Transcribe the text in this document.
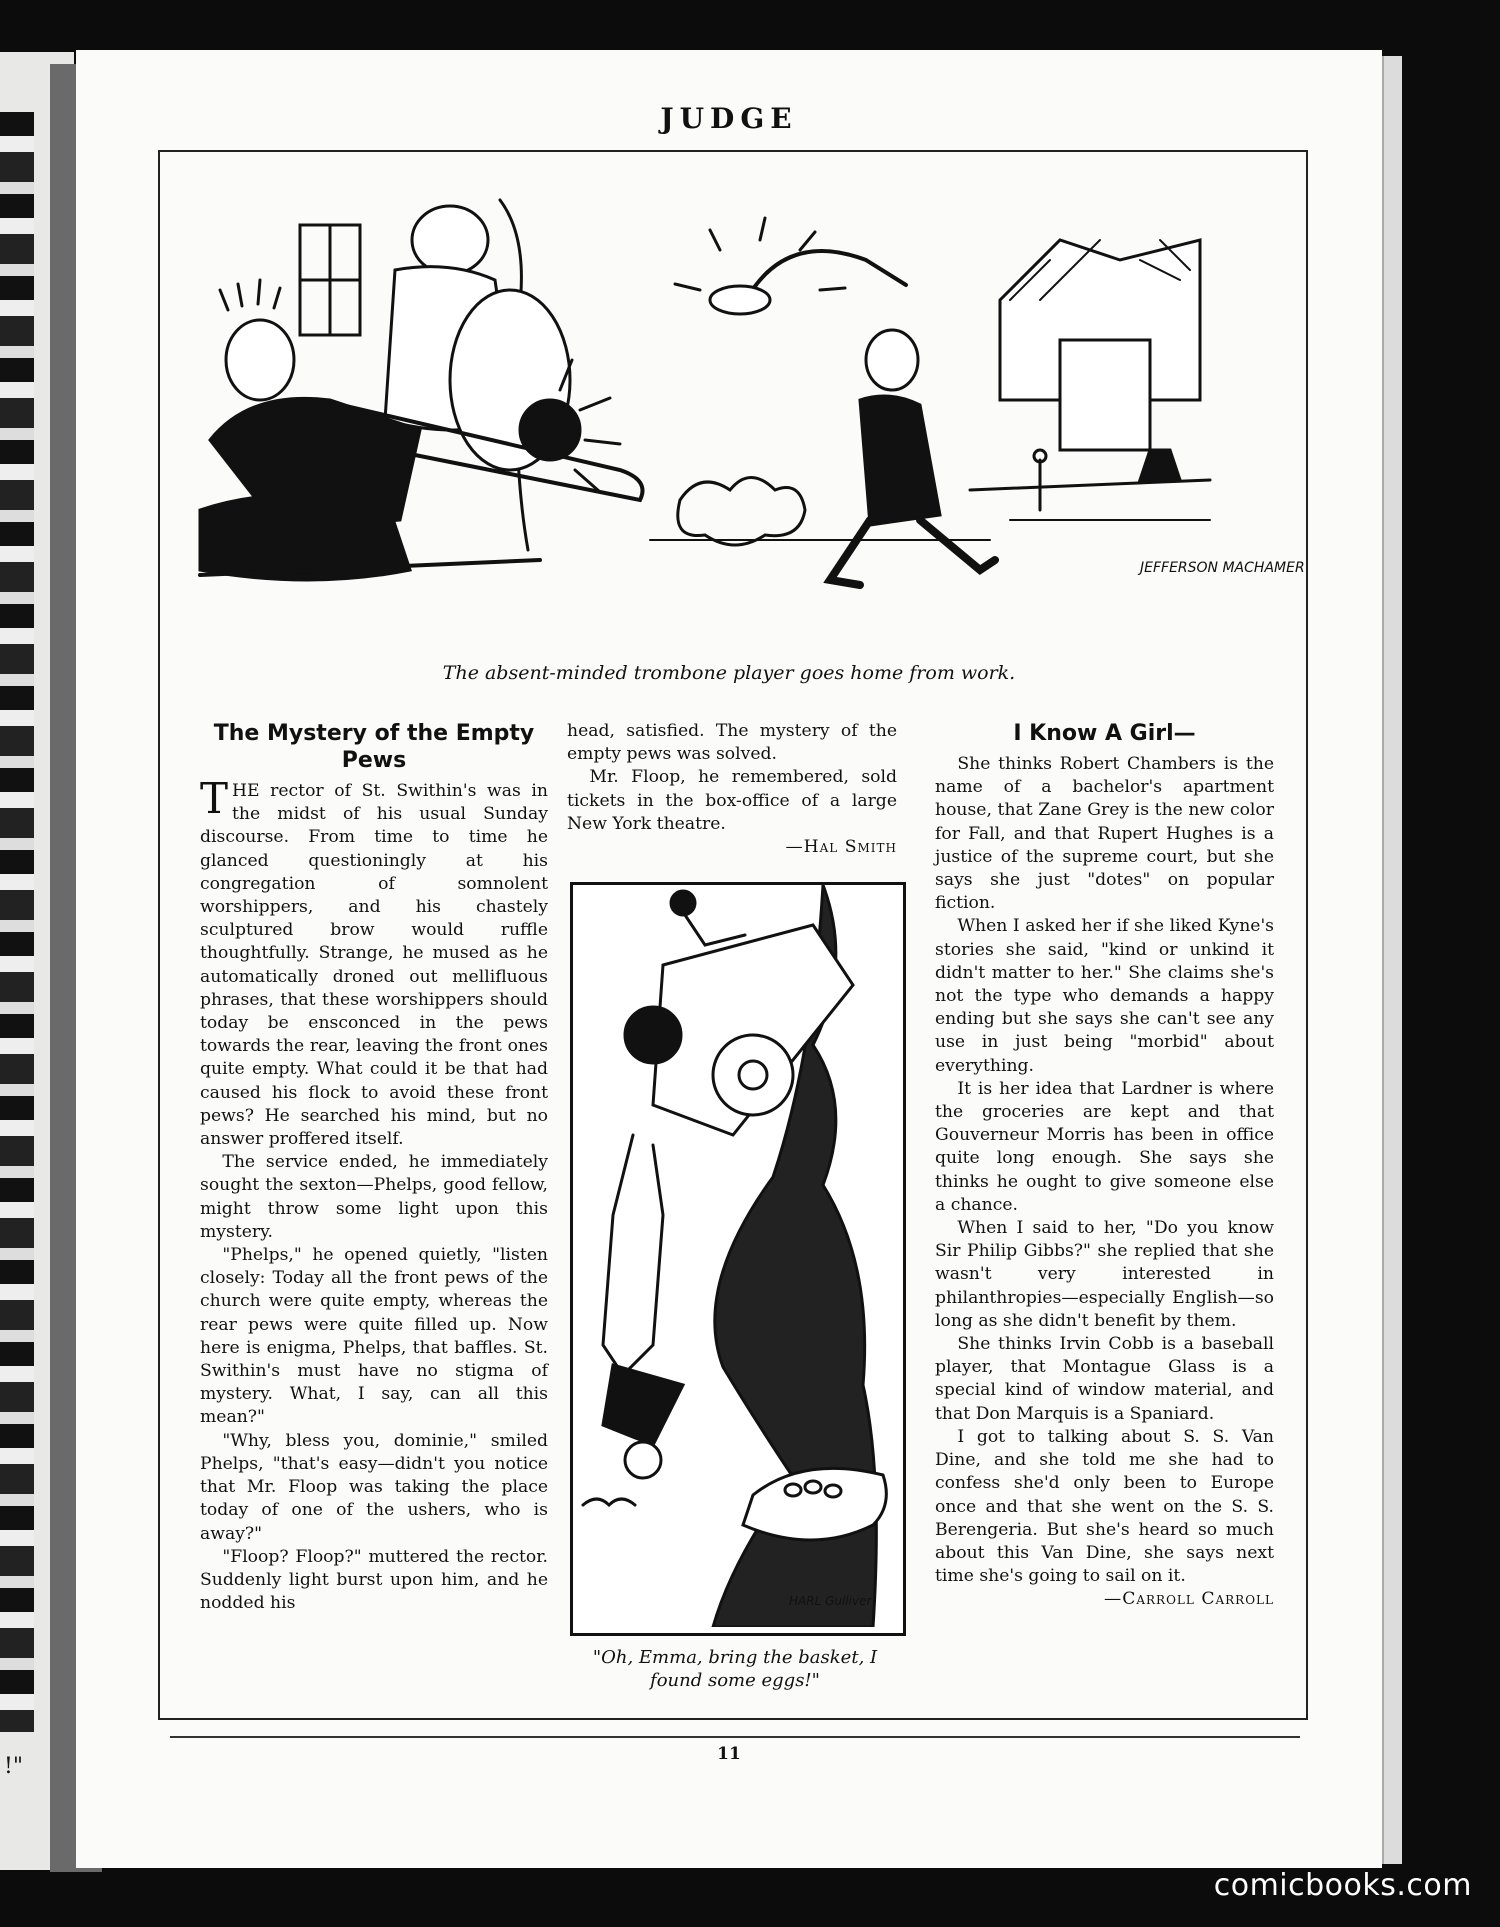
!"
JUDGE
JEFFERSON MACHAMER
The absent-minded trombone player goes home from work.
The Mystery of the Empty Pews

THE rector of St. Swithin's was in the midst of his usual Sunday discourse. From time to time he glanced questioningly at his congregation of somnolent worshippers, and his chastely sculptured brow would ruffle thoughtfully. Strange, he mused as he automatically droned out mellifluous phrases, that these worshippers should today be ensconced in the pews towards the rear, leaving the front ones quite empty. What could it be that had caused his flock to avoid these front pews? He searched his mind, but no answer proffered itself.

The service ended, he immediately sought the sexton—Phelps, good fellow, might throw some light upon this mystery.

"Phelps," he opened quietly, "listen closely: Today all the front pews of the church were quite empty, whereas the rear pews were quite filled up. Now here is enigma, Phelps, that baffles. St. Swithin's must have no stigma of mystery. What, I say, can all this mean?"

"Why, bless you, dominie," smiled Phelps, "that's easy—didn't you notice that Mr. Floop was taking the place today of one of the ushers, who is away?"

"Floop? Floop?" muttered the rector. Suddenly light burst upon him, and he nodded his

head, satisfied. The mystery of the empty pews was solved.

Mr. Floop, he remembered, sold tickets in the box-office of a large New York theatre.

—Hal Smith
HARL Gulliver
"Oh, Emma, bring the basket, I found some eggs!"
I Know A Girl—

She thinks Robert Chambers is the name of a bachelor's apartment house, that Zane Grey is the new color for Fall, and that Rupert Hughes is a justice of the supreme court, but she says she just "dotes" on popular fiction.

When I asked her if she liked Kyne's stories she said, "kind or unkind it didn't matter to her." She claims she's not the type who demands a happy ending but she says she can't see any use in just being "morbid" about everything.

It is her idea that Lardner is where the groceries are kept and that Gouverneur Morris has been in office quite long enough. She says she thinks he ought to give someone else a chance.

When I said to her, "Do you know Sir Philip Gibbs?" she replied that she wasn't very interested in philanthropies—especially English—so long as she didn't benefit by them.

She thinks Irvin Cobb is a baseball player, that Montague Glass is a special kind of window material, and that Don Marquis is a Spaniard.

I got to talking about S. S. Van Dine, and she told me she had to confess she'd only been to Europe once and that she went on the S. S. Berengeria. But she's heard so much about this Van Dine, she says next time she's going to sail on it.

—Carroll Carroll
11
comicbooks.com
